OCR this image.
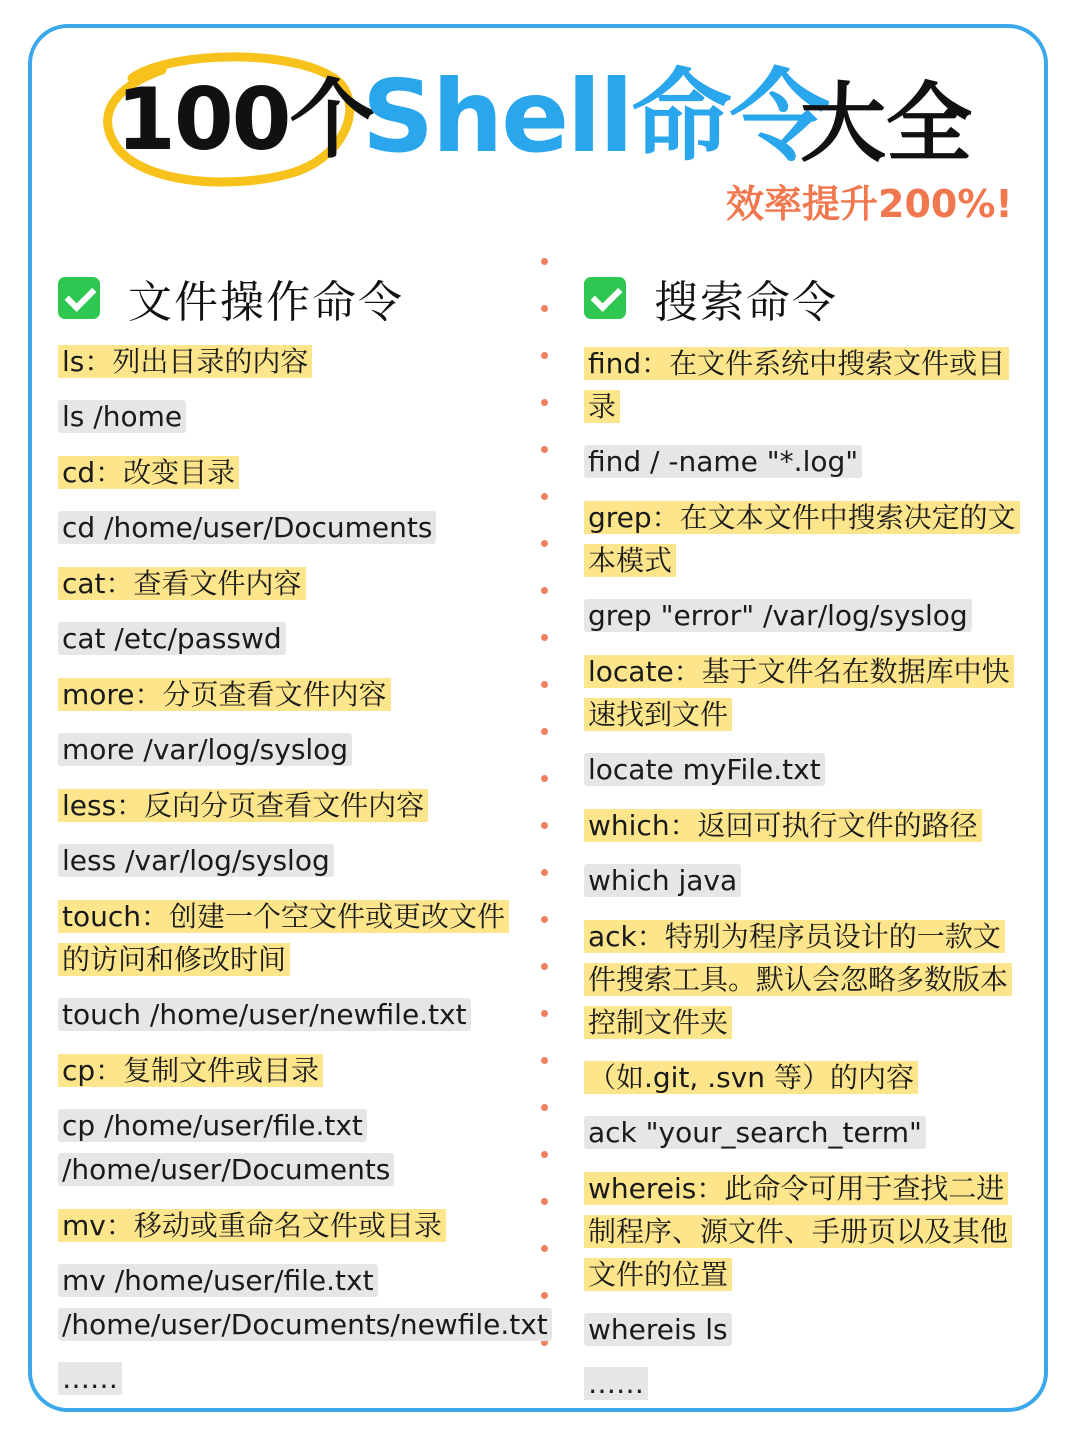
100个
Shell命令
大全
效率提升200%!
文件操作命令
ls：列出目录的内容
ls /home
cd：改变目录
cd /home/user/Documents
cat：查看文件内容
cat /etc/passwd
more：分页查看文件内容
more /var/log/syslog
less：反向分页查看文件内容
less /var/log/syslog
touch：创建一个空文件或更改文件的访问和修改时间
touch /home/user/newfile.txt
cp：复制文件或目录
cp /home/user/file.txt /home/user/Documents
mv：移动或重命名文件或目录
mv /home/user/file.txt /home/user/Documents/newfile.txt
……
搜索命令
find：在文件系统中搜索文件或目录
find / -name "*.log"
grep：在文本文件中搜索决定的文本模式
grep "error" /var/log/syslog
locate：基于文件名在数据库中快速找到文件
locate myFile.txt
which：返回可执行文件的路径
which java
ack：特别为程序员设计的一款文件搜索工具。默认会忽略多数版本控制文件夹
（如.git, .svn 等）的内容
ack "your_search_term"
whereis：此命令可用于查找二进制程序、源文件、手册页以及其他文件的位置
whereis ls
……
